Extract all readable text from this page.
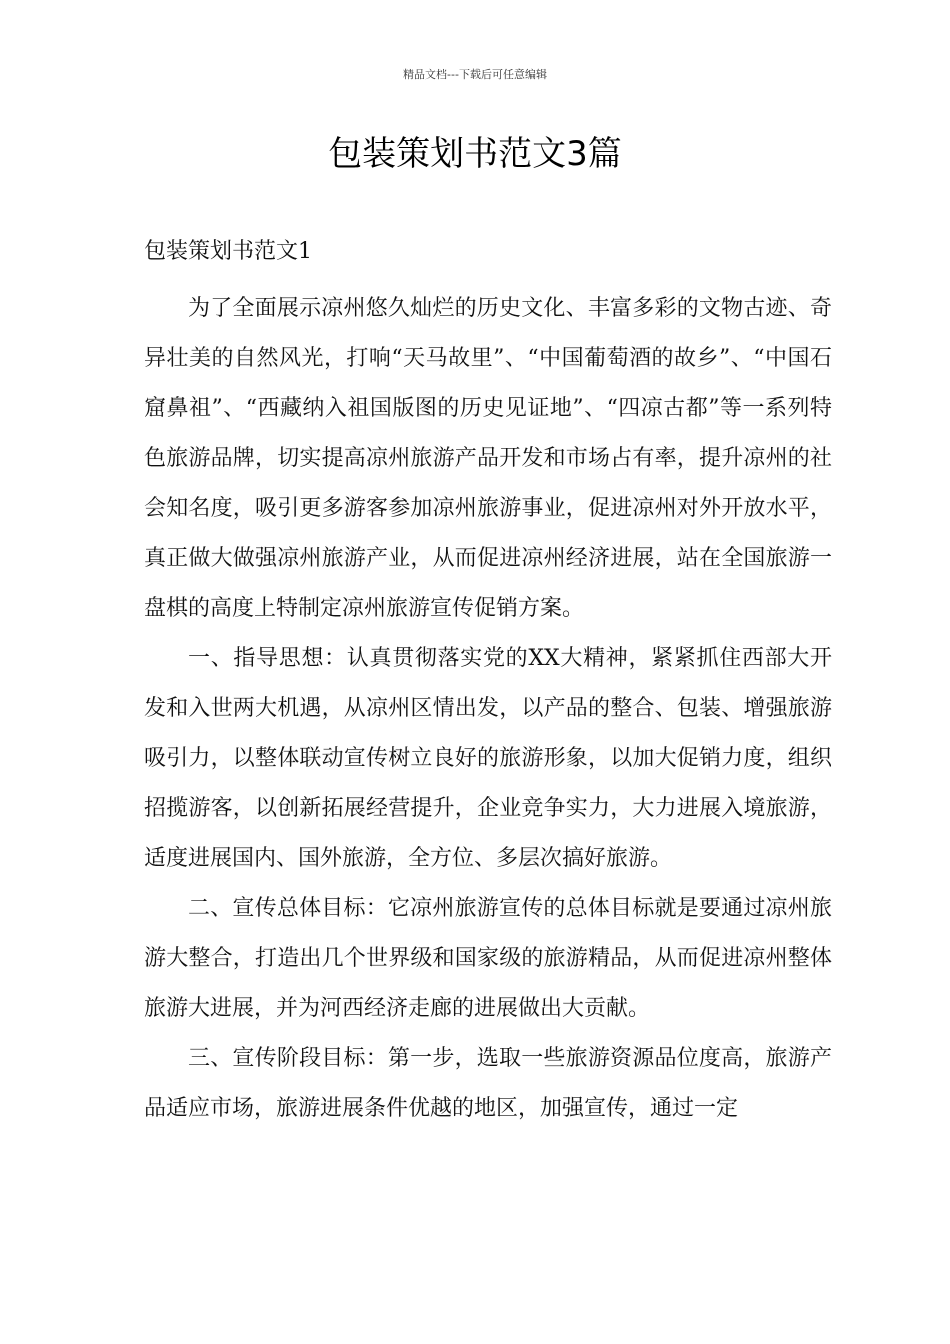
精品文档---下载后可任意编辑
包装策划书范文3篇

包装策划书范文1

为了全面展示凉州悠久灿烂的历史文化、丰富多彩的文物古迹、奇异壮美的自然风光，打响“天马故里”、“中国葡萄酒的故乡”、“中国石窟鼻祖”、“西藏纳入祖国版图的历史见证地”、“四凉古都”等一系列特色旅游品牌，切实提高凉州旅游产品开发和市场占有率，提升凉州的社会知名度，吸引更多游客参加凉州旅游事业，促进凉州对外开放水平，真正做大做强凉州旅游产业，从而促进凉州经济进展，站在全国旅游一盘棋的高度上特制定凉州旅游宣传促销方案。

一、指导思想：认真贯彻落实党的XX大精神，紧紧抓住西部大开发和入世两大机遇，从凉州区情出发，以产品的整合、包装、增强旅游吸引力，以整体联动宣传树立良好的旅游形象，以加大促销力度，组织招揽游客，以创新拓展经营提升，企业竞争实力，大力进展入境旅游，适度进展国内、国外旅游，全方位、多层次搞好旅游。

二、宣传总体目标：它凉州旅游宣传的总体目标就是要通过凉州旅游大整合，打造出几个世界级和国家级的旅游精品，从而促进凉州整体旅游大进展，并为河西经济走廊的进展做出大贡献。

三、宣传阶段目标：第一步，选取一些旅游资源品位度高，旅游产品适应市场，旅游进展条件优越的地区，加强宣传，通过一定
